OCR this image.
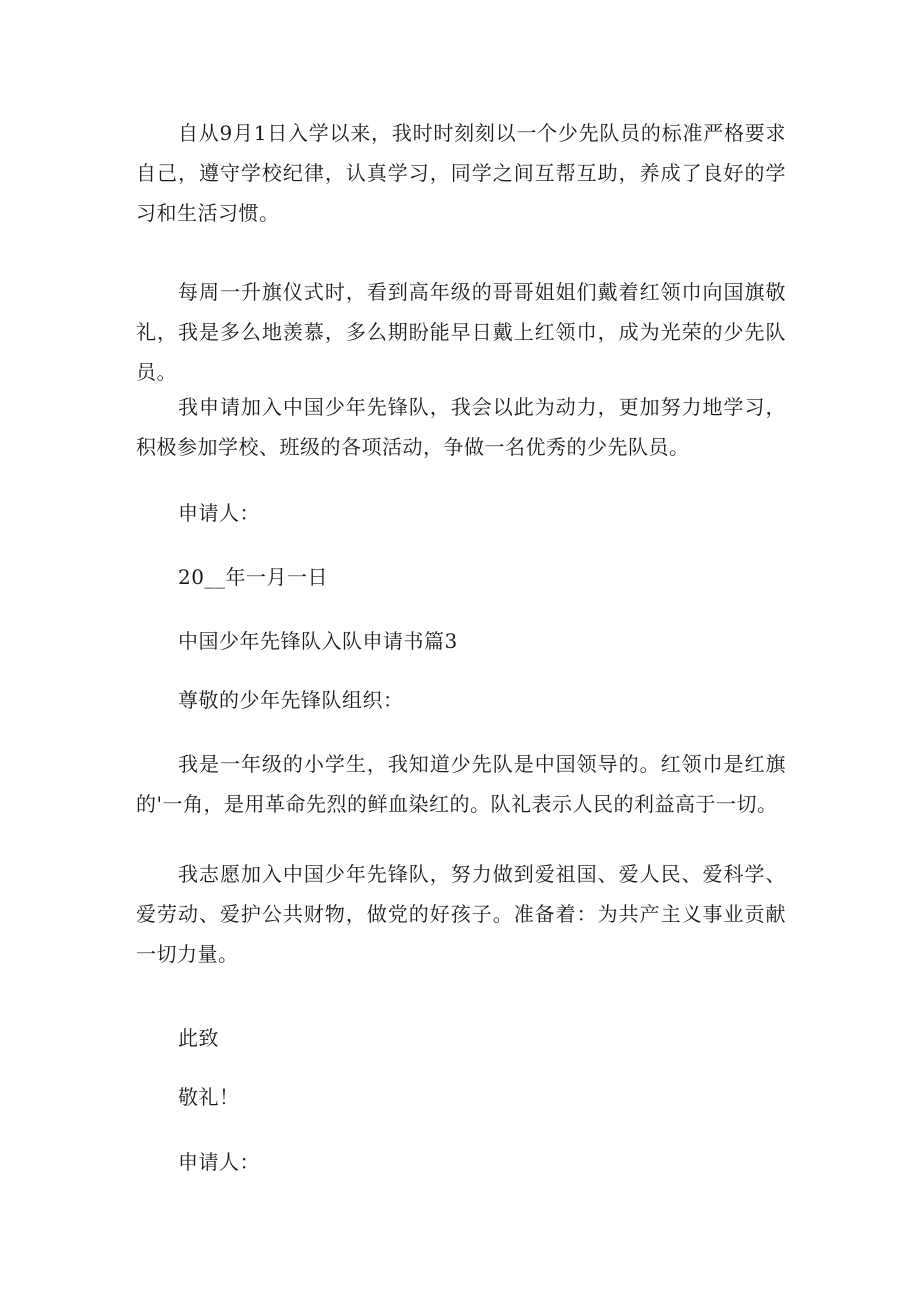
自从9月1日入学以来，我时时刻刻以一个少先队员的标准严格要求自己，遵守学校纪律，认真学习，同学之间互帮互助，养成了良好的学习和生活习惯。

每周一升旗仪式时，看到高年级的哥哥姐姐们戴着红领巾向国旗敬礼，我是多么地羡慕，多么期盼能早日戴上红领巾，成为光荣的少先队员。

我申请加入中国少年先锋队，我会以此为动力，更加努力地学习，积极参加学校、班级的各项活动，争做一名优秀的少先队员。

申请人：

20__年一月一日

中国少年先锋队入队申请书篇3

尊敬的少年先锋队组织：

我是一年级的小学生，我知道少先队是中国领导的。红领巾是红旗的'一角，是用革命先烈的鲜血染红的。队礼表示人民的利益高于一切。

我志愿加入中国少年先锋队，努力做到爱祖国、爱人民、爱科学、爱劳动、爱护公共财物，做党的好孩子。准备着：为共产主义事业贡献一切力量。

此致

敬礼！

申请人：
